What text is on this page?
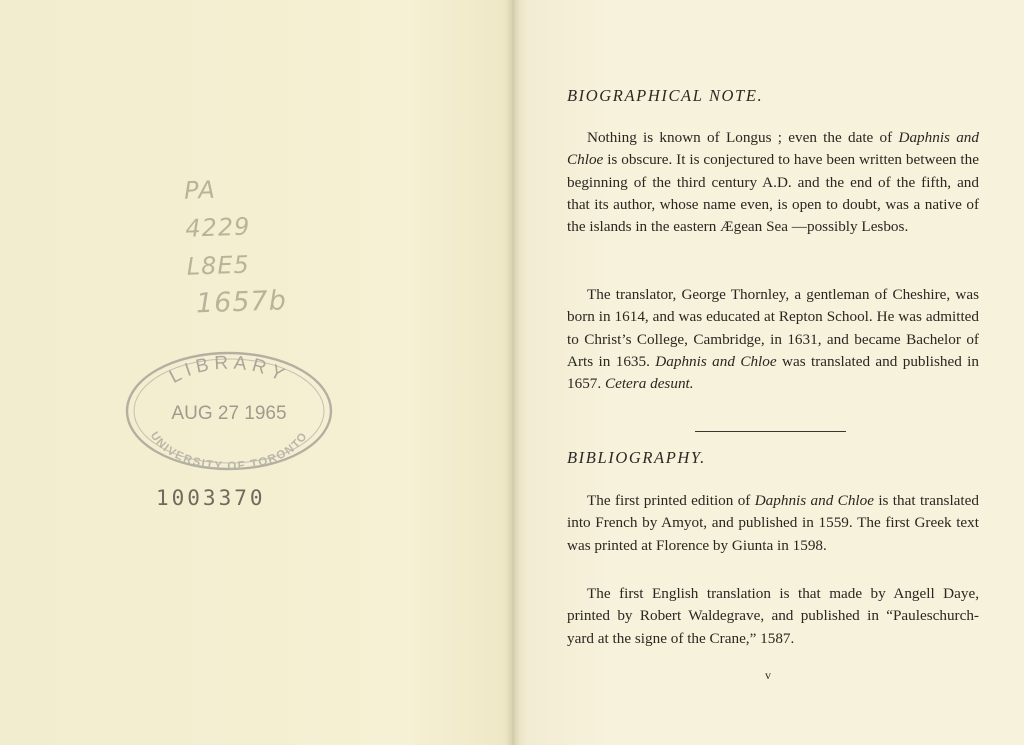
PA
4229
L8E5
1657b
LIBRARY
AUG 27 1965
UNIVERSITY OF TORONTO
1003370
BIOGRAPHICAL NOTE.

Nothing is known of Longus ; even the date of Daphnis and Chloe is obscure. It is conjectured to have been written between the beginning of the third century A.D. and the end of the fifth, and that its author, whose name even, is open to doubt, was a native of the islands in the eastern Ægean Sea —possibly Lesbos.

The translator, George Thornley, a gentleman of Cheshire, was born in 1614, and was educated at Repton School. He was admitted to Christ’s College, Cambridge, in 1631, and became Bachelor of Arts in 1635. Daphnis and Chloe was translated and published in 1657. Cetera desunt.

BIBLIOGRAPHY.

The first printed edition of Daphnis and Chloe is that translated into French by Amyot, and published in 1559. The first Greek text was printed at Florence by Giunta in 1598.

The first English translation is that made by Angell Daye, printed by Robert Waldegrave, and published in “Pauleschurch-yard at the signe of the Crane,” 1587.

v
